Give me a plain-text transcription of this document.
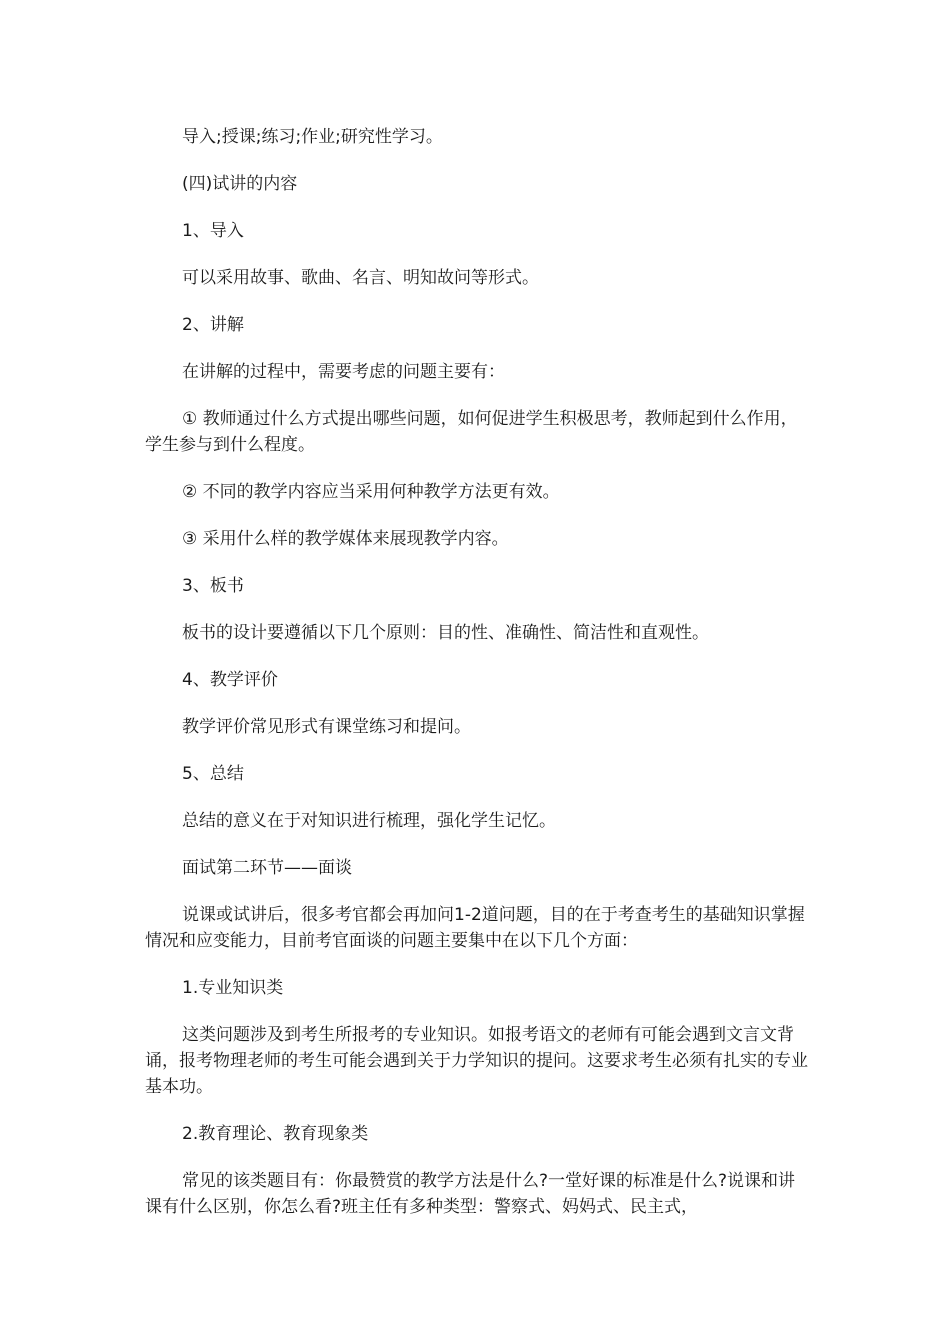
导入;授课;练习;作业;研究性学习。

(四)试讲的内容

1、导入

可以采用故事、歌曲、名言、明知故问等形式。

2、讲解

在讲解的过程中，需要考虑的问题主要有：

① 教师通过什么方式提出哪些问题，如何促进学生积极思考，教师起到什么作用，学生参与到什么程度。

② 不同的教学内容应当采用何种教学方法更有效。

③ 采用什么样的教学媒体来展现教学内容。

3、板书

板书的设计要遵循以下几个原则：目的性、准确性、简洁性和直观性。

4、教学评价

教学评价常见形式有课堂练习和提问。

5、总结

总结的意义在于对知识进行梳理，强化学生记忆。

面试第二环节——面谈

说课或试讲后，很多考官都会再加问1-2道问题，目的在于考查考生的基础知识掌握情况和应变能力，目前考官面谈的问题主要集中在以下几个方面：

1.专业知识类

这类问题涉及到考生所报考的专业知识。如报考语文的老师有可能会遇到文言文背诵，报考物理老师的考生可能会遇到关于力学知识的提问。这要求考生必须有扎实的专业基本功。

2.教育理论、教育现象类

常见的该类题目有：你最赞赏的教学方法是什么?一堂好课的标准是什么?说课和讲课有什么区别，你怎么看?班主任有多种类型：警察式、妈妈式、民主式，
